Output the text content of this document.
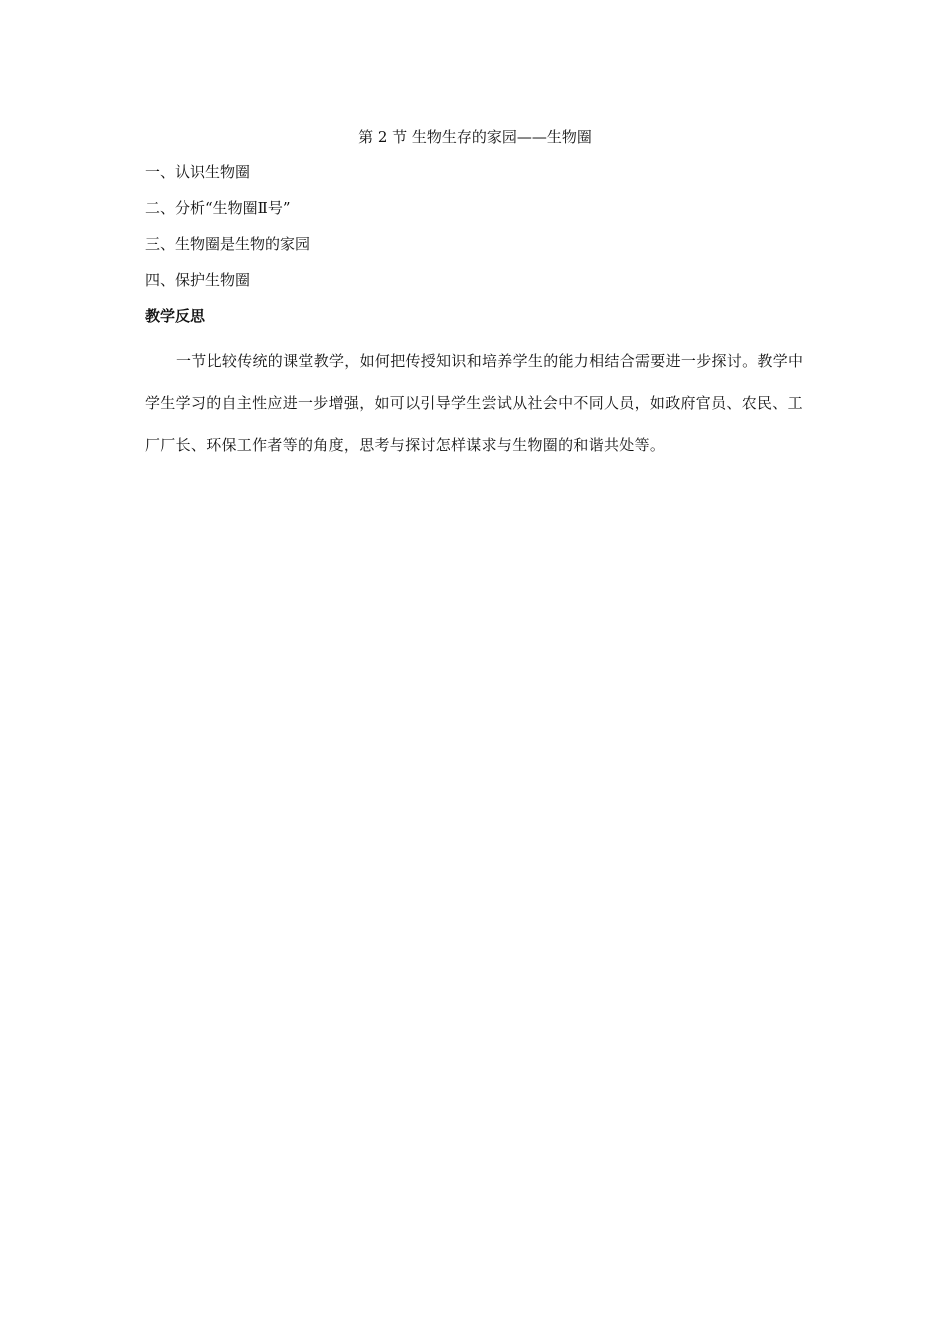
第 2 节 生物生存的家园——生物圈
一、认识生物圈
二、分析“生物圈Ⅱ号”
三、生物圈是生物的家园
四、保护生物圈
教学反思

一节比较传统的课堂教学，如何把传授知识和培养学生的能力相结合需要进一步探讨。教学中学生学习的自主性应进一步增强，如可以引导学生尝试从社会中不同人员，如政府官员、农民、工厂厂长、环保工作者等的角度，思考与探讨怎样谋求与生物圈的和谐共处等。
